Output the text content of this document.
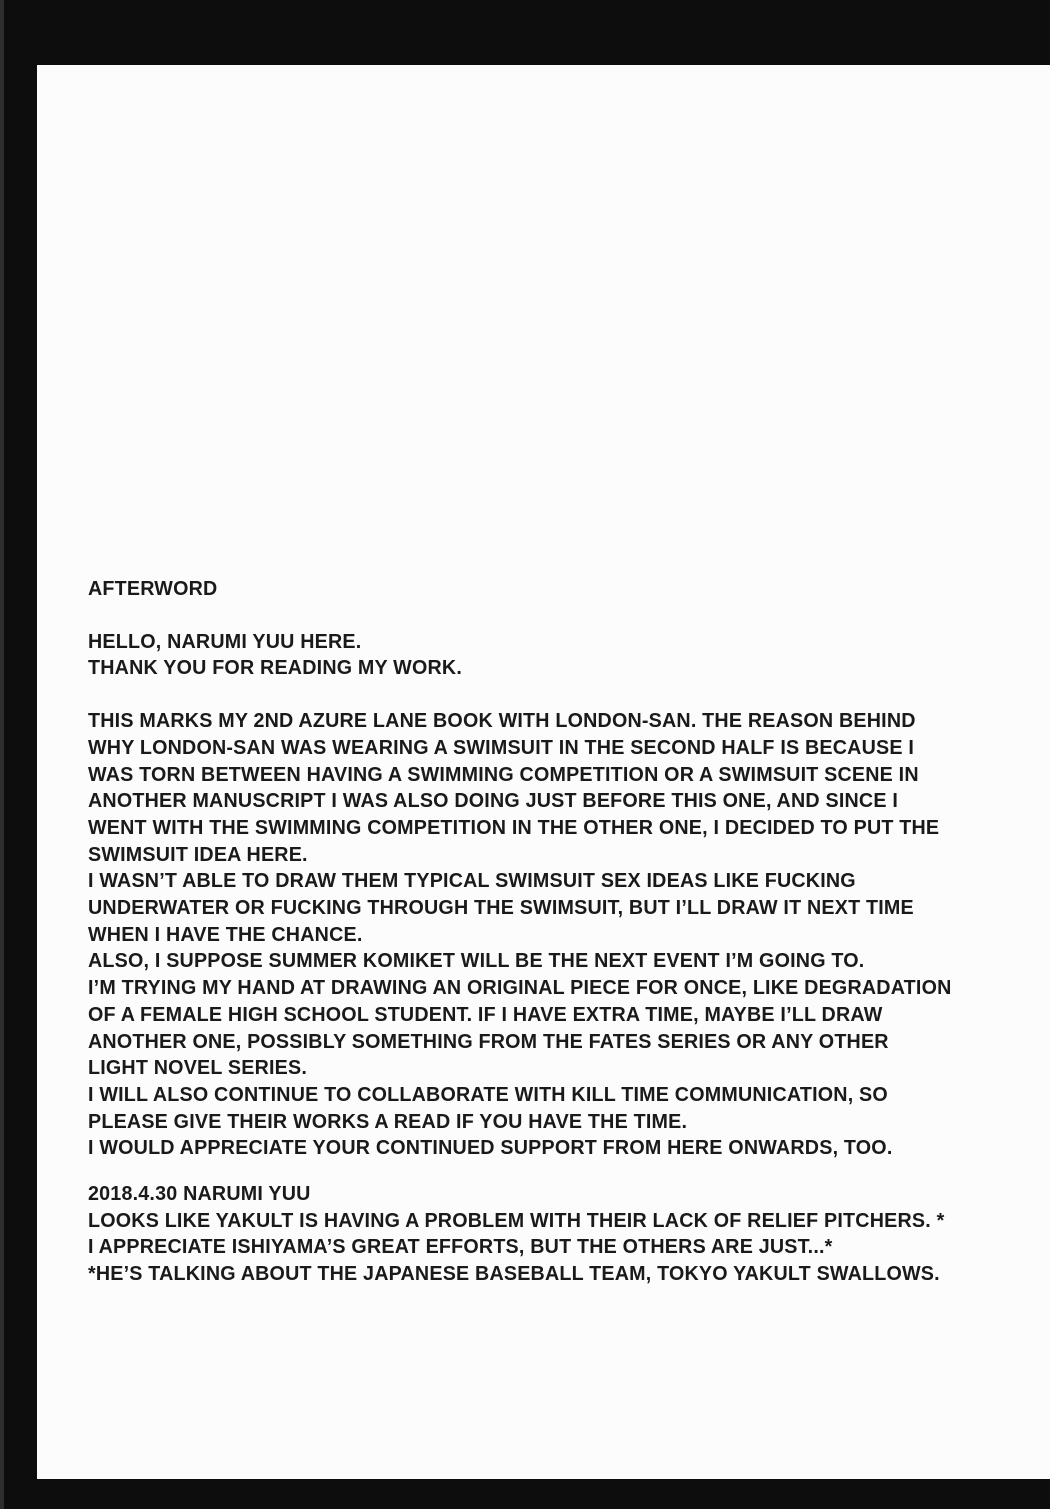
AFTERWORD
HELLO, NARUMI YUU HERE.
THANK YOU FOR READING MY WORK.
THIS MARKS MY 2ND AZURE LANE BOOK WITH LONDON-SAN. THE REASON BEHIND
WHY LONDON-SAN WAS WEARING A SWIMSUIT IN THE SECOND HALF IS BECAUSE I
WAS TORN BETWEEN HAVING A SWIMMING COMPETITION OR A SWIMSUIT SCENE IN
ANOTHER MANUSCRIPT I WAS ALSO DOING JUST BEFORE THIS ONE, AND SINCE I
WENT WITH THE SWIMMING COMPETITION IN THE OTHER ONE, I DECIDED TO PUT THE
SWIMSUIT IDEA HERE.
I WASN’T ABLE TO DRAW THEM TYPICAL SWIMSUIT SEX IDEAS LIKE FUCKING
UNDERWATER OR FUCKING THROUGH THE SWIMSUIT, BUT I’LL DRAW IT NEXT TIME
WHEN I HAVE THE CHANCE.
ALSO, I SUPPOSE SUMMER KOMIKET WILL BE THE NEXT EVENT I’M GOING TO.
I’M TRYING MY HAND AT DRAWING AN ORIGINAL PIECE FOR ONCE, LIKE DEGRADATION
OF A FEMALE HIGH SCHOOL STUDENT. IF I HAVE EXTRA TIME, MAYBE I’LL DRAW
ANOTHER ONE, POSSIBLY SOMETHING FROM THE FATES SERIES OR ANY OTHER
LIGHT NOVEL SERIES.
I WILL ALSO CONTINUE TO COLLABORATE WITH KILL TIME COMMUNICATION, SO
PLEASE GIVE THEIR WORKS A READ IF YOU HAVE THE TIME.
I WOULD APPRECIATE YOUR CONTINUED SUPPORT FROM HERE ONWARDS, TOO.
2018.4.30 NARUMI YUU
LOOKS LIKE YAKULT IS HAVING A PROBLEM WITH THEIR LACK OF RELIEF PITCHERS. *
I APPRECIATE ISHIYAMA’S GREAT EFFORTS, BUT THE OTHERS ARE JUST...*
*HE’S TALKING ABOUT THE JAPANESE BASEBALL TEAM, TOKYO YAKULT SWALLOWS.
